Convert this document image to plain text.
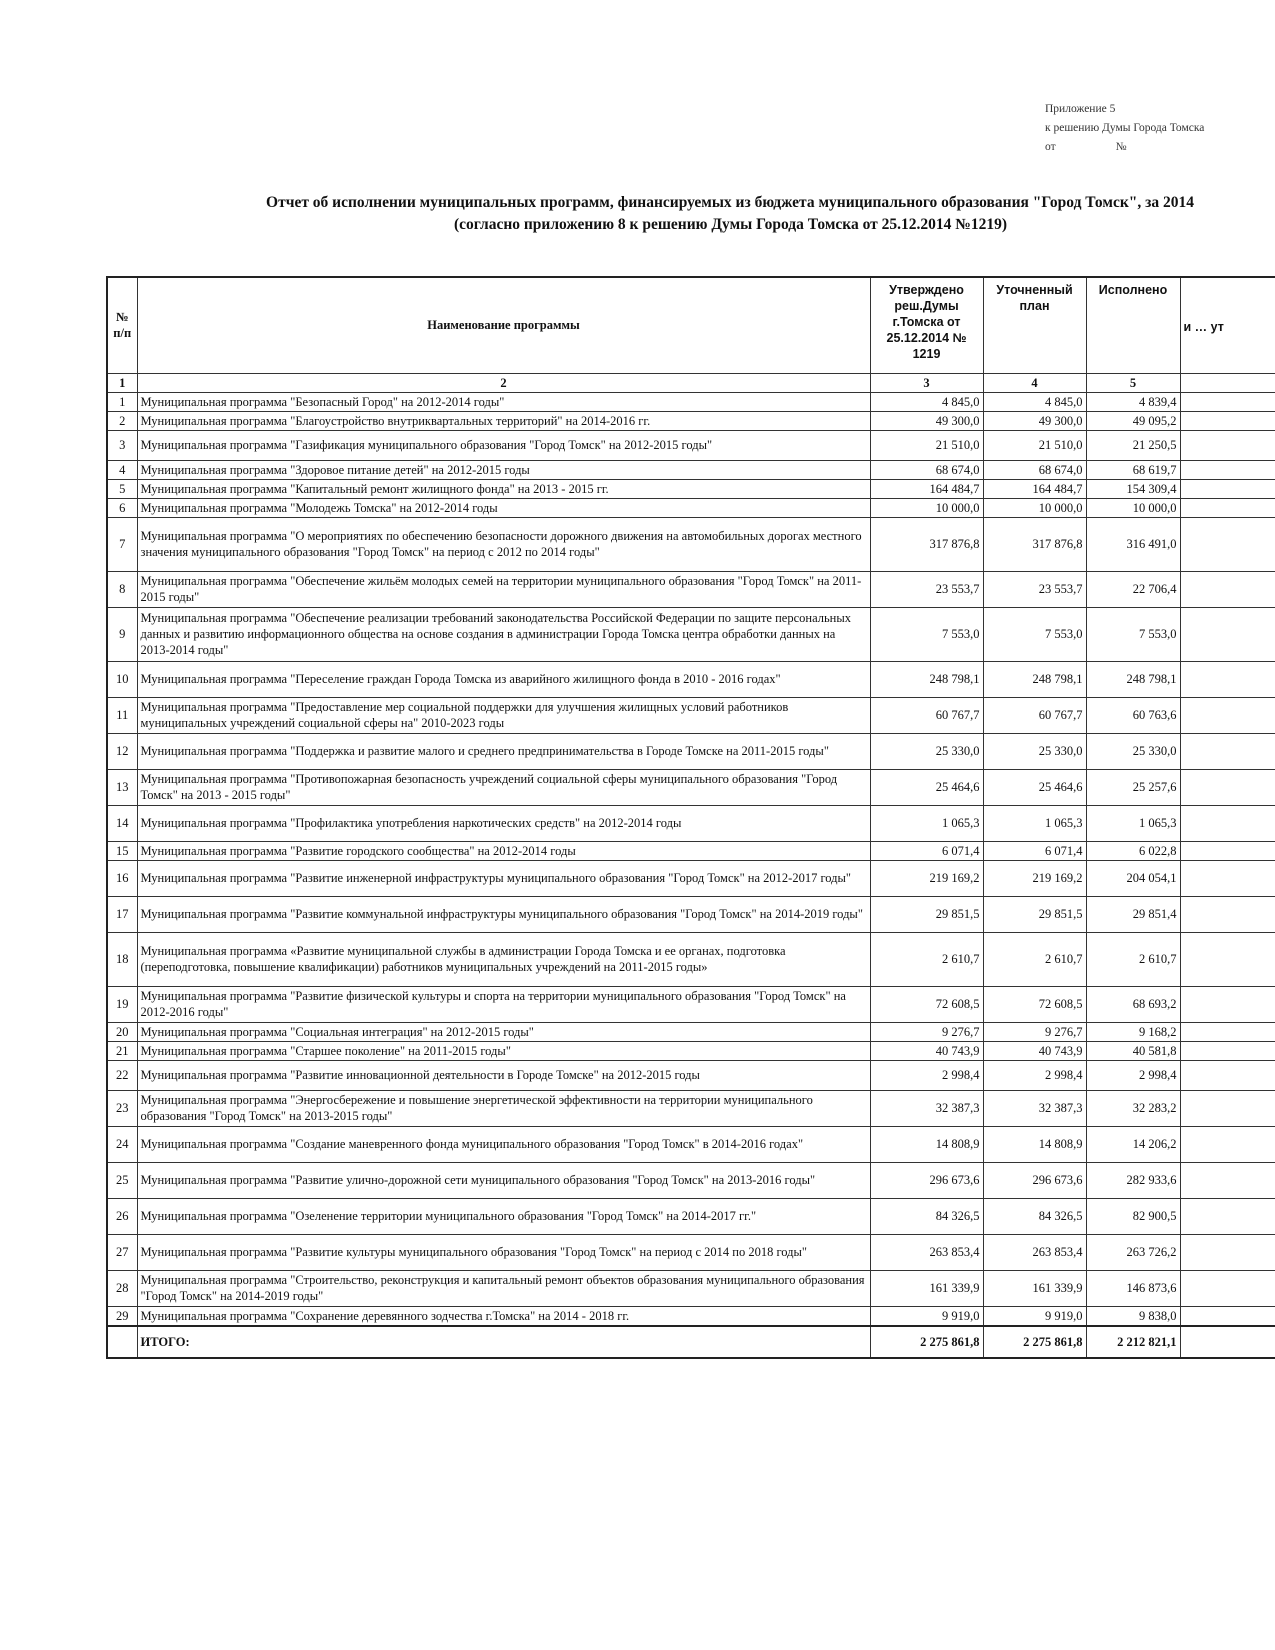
Приложение 5
к решению Думы Города Томска
от	№
Отчет об исполнении муниципальных программ, финансируемых из бюджета муниципального образования "Город Томск", за 2014
(согласно приложению 8 к решению Думы Города Томска от 25.12.2014 №1219)
№ п/п	Наименование программы	Утверждено реш.Думы г.Томска от 25.12.2014 № 1219	Уточненный план	Исполнено	и … ут
1	2	3	4	5	
1	Муниципальная программа "Безопасный Город" на 2012-2014 годы"	4 845,0	4 845,0	4 839,4	
2	Муниципальная программа "Благоустройство внутриквартальных территорий" на 2014-2016 гг.	49 300,0	49 300,0	49 095,2	
3	Муниципальная программа "Газификация муниципального образования "Город Томск" на 2012-2015 годы"	21 510,0	21 510,0	21 250,5	
4	Муниципальная программа "Здоровое питание детей" на 2012-2015 годы	68 674,0	68 674,0	68 619,7	
5	Муниципальная программа "Капитальный ремонт жилищного фонда" на 2013 - 2015 гг.	164 484,7	164 484,7	154 309,4	
6	Муниципальная программа "Молодежь Томска" на 2012-2014 годы	10 000,0	10 000,0	10 000,0	
7	Муниципальная программа "О мероприятиях по обеспечению безопасности дорожного движения на автомобильных дорогах местного значения муниципального образования "Город Томск" на период с 2012 по 2014 годы"	317 876,8	317 876,8	316 491,0	
8	Муниципальная программа "Обеспечение жильём молодых семей на территории муниципального образования "Город Томск" на 2011-2015 годы"	23 553,7	23 553,7	22 706,4	
9	Муниципальная программа "Обеспечение реализации требований законодательства Российской Федерации по защите персональных данных и развитию информационного общества на основе создания в администрации Города Томска центра обработки данных на 2013-2014 годы"	7 553,0	7 553,0	7 553,0	
10	Муниципальная программа "Переселение граждан Города Томска из аварийного жилищного фонда в 2010 - 2016 годах"	248 798,1	248 798,1	248 798,1	
11	Муниципальная программа "Предоставление мер социальной поддержки для улучшения жилищных условий работников муниципальных учреждений социальной сферы на" 2010-2023 годы	60 767,7	60 767,7	60 763,6	
12	Муниципальная программа "Поддержка и развитие малого и среднего предпринимательства в Городе Томске на 2011-2015 годы"	25 330,0	25 330,0	25 330,0	
13	Муниципальная программа "Противопожарная безопасность учреждений социальной сферы муниципального образования "Город Томск" на 2013 - 2015 годы"	25 464,6	25 464,6	25 257,6	
14	Муниципальная программа "Профилактика употребления наркотических средств" на 2012-2014 годы	1 065,3	1 065,3	1 065,3	
15	Муниципальная программа "Развитие городского сообщества" на 2012-2014 годы	6 071,4	6 071,4	6 022,8	
16	Муниципальная программа "Развитие инженерной инфраструктуры муниципального образования "Город Томск" на 2012-2017 годы"	219 169,2	219 169,2	204 054,1	
17	Муниципальная программа "Развитие коммунальной инфраструктуры муниципального образования "Город Томск" на 2014-2019 годы"	29 851,5	29 851,5	29 851,4	
18	Муниципальная программа «Развитие муниципальной службы в администрации Города Томска и ее органах, подготовка (переподготовка, повышение квалификации) работников муниципальных учреждений на 2011-2015 годы»	2 610,7	2 610,7	2 610,7	
19	Муниципальная программа "Развитие физической культуры и спорта на территории муниципального образования "Город Томск" на 2012-2016 годы"	72 608,5	72 608,5	68 693,2	
20	Муниципальная программа "Социальная интеграция" на 2012-2015 годы"	9 276,7	9 276,7	9 168,2	
21	Муниципальная программа "Старшее поколение" на 2011-2015 годы"	40 743,9	40 743,9	40 581,8	
22	Муниципальная программа "Развитие инновационной деятельности в Городе Томске" на 2012-2015 годы	2 998,4	2 998,4	2 998,4	
23	Муниципальная программа "Энергосбережение и повышение энергетической эффективности на территории муниципального образования "Город Томск" на 2013-2015 годы"	32 387,3	32 387,3	32 283,2	
24	Муниципальная программа "Создание маневренного фонда муниципального образования "Город Томск" в 2014-2016 годах"	14 808,9	14 808,9	14 206,2	
25	Муниципальная программа "Развитие улично-дорожной сети муниципального образования "Город Томск" на 2013-2016 годы"	296 673,6	296 673,6	282 933,6	
26	Муниципальная программа "Озеленение территории муниципального образования "Город Томск" на 2014-2017 гг."	84 326,5	84 326,5	82 900,5	
27	Муниципальная программа "Развитие культуры муниципального образования "Город Томск" на период с 2014 по 2018 годы"	263 853,4	263 853,4	263 726,2	
28	Муниципальная программа "Строительство, реконструкция и капитальный ремонт объектов образования муниципального образования "Город Томск" на 2014-2019 годы"	161 339,9	161 339,9	146 873,6	
29	Муниципальная программа "Сохранение деревянного зодчества г.Томска" на 2014 - 2018 гг.	9 919,0	9 919,0	9 838,0	
	ИТОГО:	2 275 861,8	2 275 861,8	2 212 821,1	
